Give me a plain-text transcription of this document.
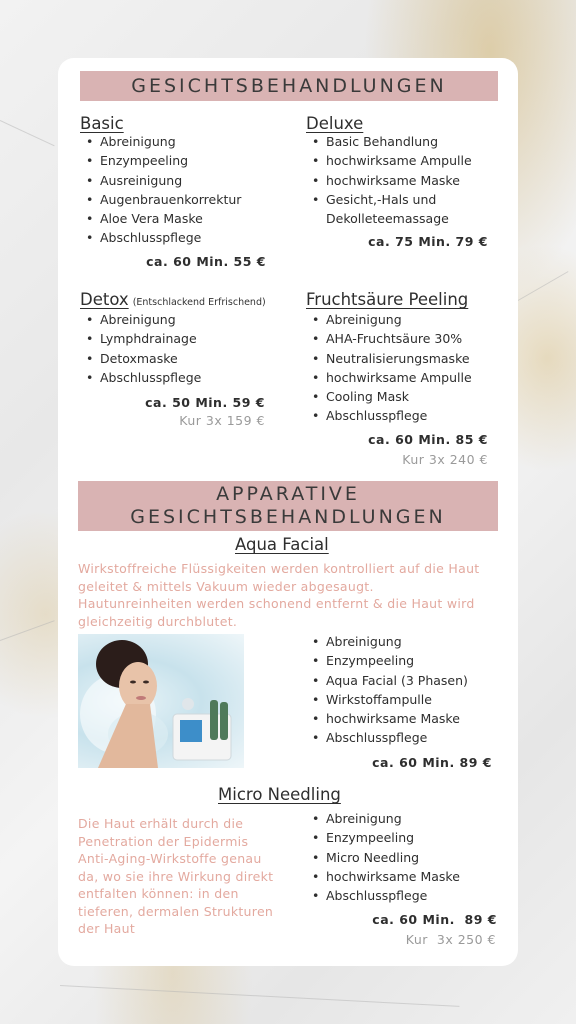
GESICHTSBEHANDLUNGEN
Basic
• Abreinigung
• Enzympeeling
• Ausreinigung
• Augenbrauenkorrektur
• Aloe Vera Maske
• Abschlusspflege
ca. 60 Min. 55 €
Deluxe
• Basic Behandlung
• hochwirksame Ampulle
• hochwirksame Maske
• Gesicht,-Hals und
Dekolleteemassage
ca. 75 Min. 79 €
Detox (Entschlackend Erfrischend)
• Abreinigung
• Lymphdrainage
• Detoxmaske
• Abschlusspflege
ca. 50 Min. 59 €
Kur 3x 159 €
Fruchtsäure Peeling
• Abreinigung
• AHA-Fruchtsäure 30%
• Neutralisierungsmaske
• hochwirksame Ampulle
• Cooling Mask
• Abschlusspflege
ca. 60 Min. 85 €
Kur 3x 240 €
APPARATIVE
GESICHTSBEHANDLUNGEN
Aqua Facial
Wirkstoffreiche Flüssigkeiten werden kontrolliert auf die Haut geleitet & mittels Vakuum wieder abgesaugt. Hautunreinheiten werden schonend entfernt & die Haut wird gleichzeitig durchblutet.
• Abreinigung
• Enzympeeling
• Aqua Facial (3 Phasen)
• Wirkstoffampulle
• hochwirksame Maske
• Abschlusspflege
ca. 60 Min. 89 €
Micro Needling
Die Haut erhält durch die Penetration der Epidermis Anti-Aging-Wirkstoffe genau da, wo sie ihre Wirkung direkt entfalten können: in den tieferen, dermalen Strukturen der Haut
• Abreinigung
• Enzympeeling
• Micro Needling
• hochwirksame Maske
• Abschlusspflege
ca. 60 Min.  89 €
Kur  3x 250 €
